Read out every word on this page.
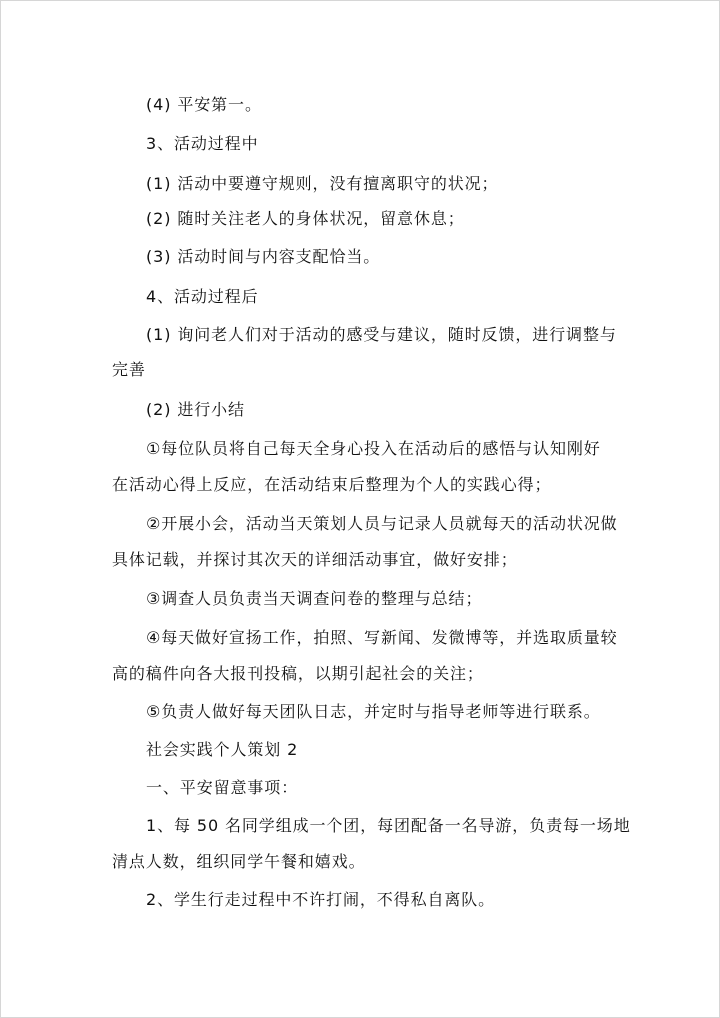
(4) 平安第一。
3、活动过程中
(1) 活动中要遵守规则，没有擅离职守的状况；
(2) 随时关注老人的身体状况，留意休息；
(3) 活动时间与内容支配恰当。
4、活动过程后
(1) 询问老人们对于活动的感受与建议，随时反馈，进行调整与
完善
(2) 进行小结
①每位队员将自己每天全身心投入在活动后的感悟与认知刚好
在活动心得上反应，在活动结束后整理为个人的实践心得；
②开展小会，活动当天策划人员与记录人员就每天的活动状况做
具体记载，并探讨其次天的详细活动事宜，做好安排；
③调查人员负责当天调查问卷的整理与总结；
④每天做好宣扬工作，拍照、写新闻、发微博等，并选取质量较
高的稿件向各大报刊投稿，以期引起社会的关注；
⑤负责人做好每天团队日志，并定时与指导老师等进行联系。
社会实践个人策划 2
一、平安留意事项：
1、每 50 名同学组成一个团，每团配备一名导游，负责每一场地
清点人数，组织同学午餐和嬉戏。
2、学生行走过程中不许打闹，不得私自离队。
